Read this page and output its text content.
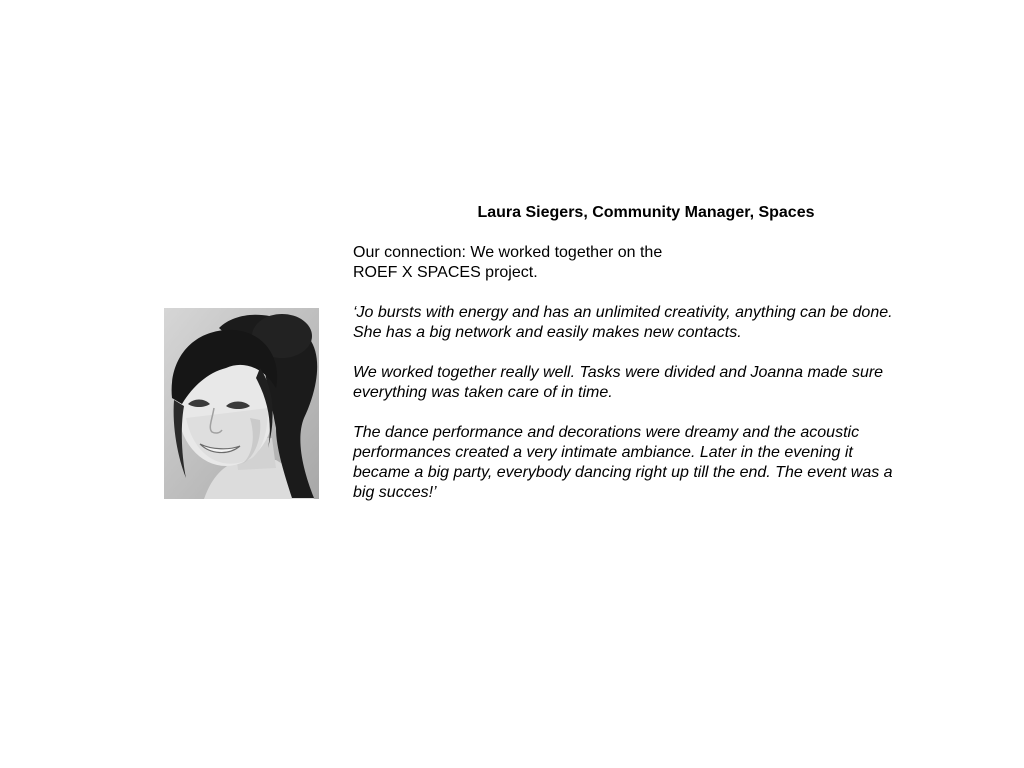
Laura Siegers, Community Manager, Spaces

Our connection: We worked together on the

ROEF X SPACES project.

‘Jo bursts with energy and has an unlimited creativity, anything can be done.

She has a big network and easily makes new contacts.

We worked together really well. Tasks were divided and Joanna made sure

everything was taken care of in time.

The dance performance and decorations were dreamy and the acoustic

performances created a very intimate ambiance. Later in the evening it

became a big party, everybody dancing right up till the end. The event was a

big succes!’
